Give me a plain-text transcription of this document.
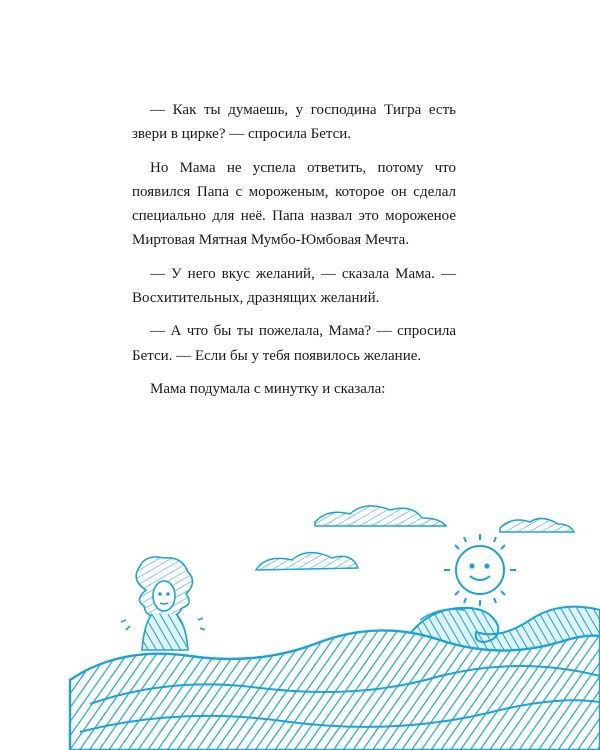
— Как ты думаешь, у господина Тигра есть звери в цирке? — спросила Бетси.

Но Мама не успела ответить, потому что появился Папа с мороженым, которое он сделал специально для неё. Папа назвал это мороженое Миртовая Мятная Мумбо-Юмбовая Мечта.

— У него вкус желаний, — сказала Мама. — Восхитительных, дразнящих желаний.

— А что бы ты пожелала, Мама? — спросила Бетси. — Если бы у тебя появилось желание.

Мама подумала с минутку и сказала:
